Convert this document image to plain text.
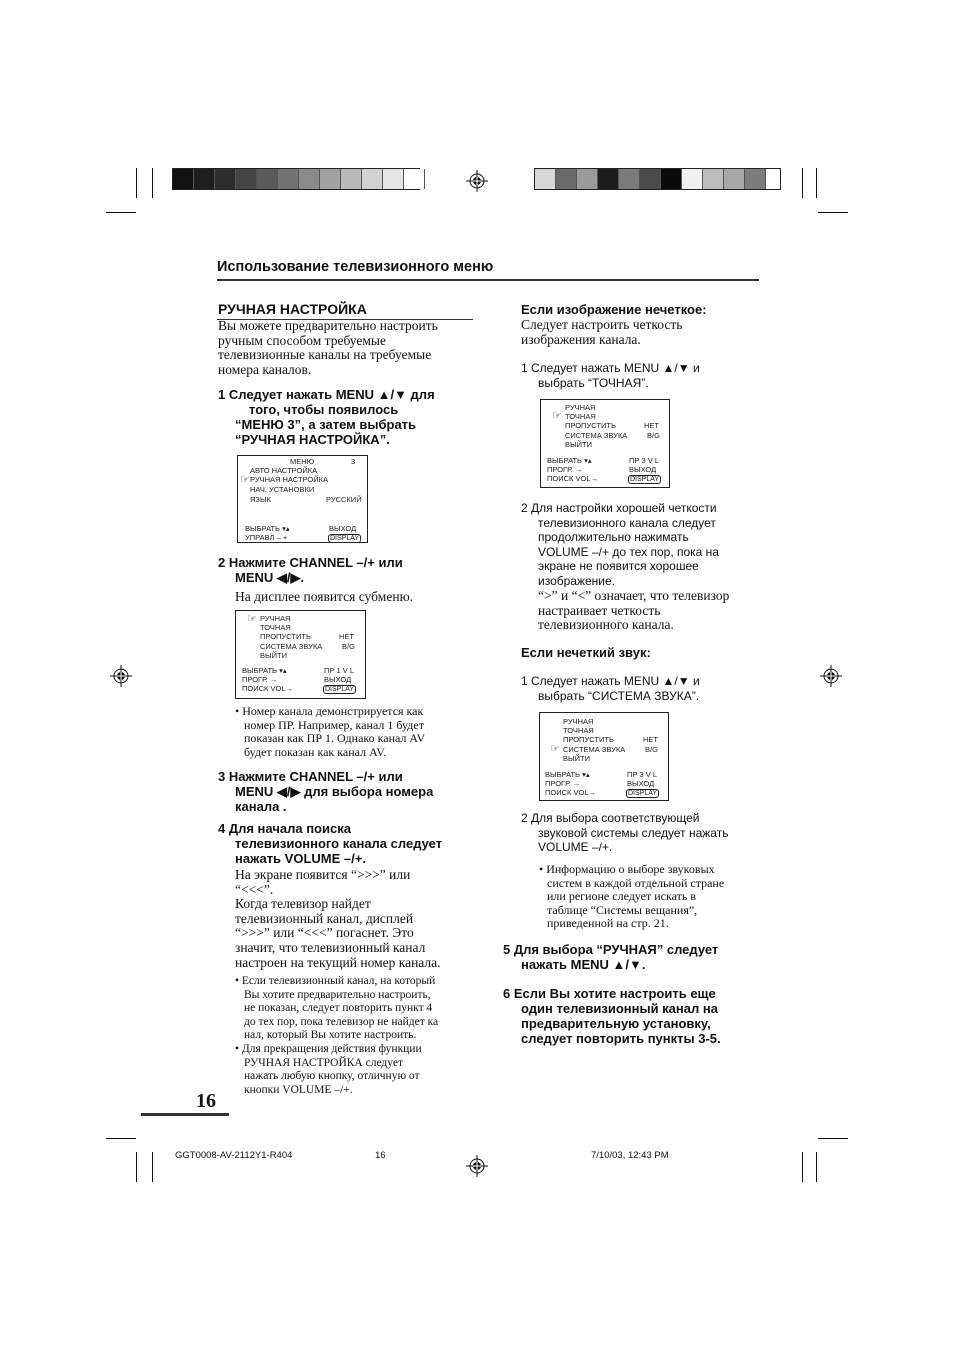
Использование телевизионного меню
РУЧНАЯ НАСТРОЙКА
Вы можете предварительно настроить
ручным способом требуемые
телевизионные каналы на требуемые
номера каналов.
1 Следует нажать MENU ▲/▼ для
того, чтобы появилось
“МЕНЮ 3”, а затем выбрать
“РУЧНАЯ НАСТРОЙКА”.
МЕНЮ	3
АВТО НАСТРОЙКА
☞ РУЧНАЯ НАСТРОЙКА
НАЧ. УСТАНОВКИ
ЯЗЫК	РУССКИЙ
ВЫБРАТЬ ▾▴	ВЫХОД
УПРАВЛ – +	DISPLAY
2 Нажмите CHANNEL –/+ или
MENU ◀/▶.
На дисплее появится субменю.
☞ РУЧНАЯ
ТОЧНАЯ
ПРОПУСТИТЬ	НЕТ
СИСТЕМА ЗВУКА	B/G
ВЫЙТИ
ВЫБРАТЬ ▾▴	ПР 1 V L
ПРОГР. →	ВЫХОД
ПОИСК VOL→	DISPLAY
• Номер канала демонстрируется как
номер ПР. Например, канал 1 будет
показан как ПР 1. Однако канал AV
будет показан как канал AV.
3 Нажмите CHANNEL –/+ или
MENU ◀/▶ для выбора номера
канала .
4 Для начала поиска
телевизионного канала следует
нажать VOLUME –/+.
На экране появится “>>>” или
“<<<”.
Когда телевизор найдет
телевизионный канал, дисплей
“>>>” или “<<<” погаснет. Это
значит, что телевизионный канал
настроен на текущий номер канала.
• Если телевизионный канал, на который
Вы хотите предварительно настроить,
не показан, следует повторить пункт 4
до тех пор, пока телевизор не найдет ка
нал, который Вы хотите настроить.
• Для прекращения действия функции
РУЧНАЯ НАСТРОЙКА следует
нажать любую кнопку, отличную от
кнопки VOLUME –/+.
Если изображение нечеткое:
Следует настроить четкость
изображения канала.
1 Следует нажать MENU ▲/▼ и
выбрать “ТОЧНАЯ”.
РУЧНАЯ
☞ ТОЧНАЯ
ПРОПУСТИТЬ	НЕТ
СИСТЕМА ЗВУКА	B/G
ВЫЙТИ
ВЫБРАТЬ ▾▴	ПР 3 V L
ПРОГР. →	ВЫХОД
ПОИСК VOL→	DISPLAY
2 Для настройки хорошей четкости
телевизионного канала следует
продолжительно нажимать
VOLUME –/+ до тех пор, пока на
экране не появится хорошее
изображение.
“>” и “<” означает, что телевизор
настраивает четкость
телевизионного канала.
Если нечеткий звук:
1 Следует нажать MENU ▲/▼ и
выбрать “СИСТЕМА ЗВУКА”.
РУЧНАЯ
ТОЧНАЯ
ПРОПУСТИТЬ	НЕТ
☞ СИСТЕМА ЗВУКА	B/G
ВЫЙТИ
ВЫБРАТЬ ▾▴	ПР 3 V L
ПРОГР. →	ВЫХОД
ПОИСК VOL→	DISPLAY
2 Для выбора соответствующей
звуковой системы следует нажать
VOLUME –/+.
• Информацию о выборе звуковых
систем в каждой отдельной стране
или регионе следует искать в
таблице “Системы вещания”,
приведенной на стр. 21.
5 Для выбора “РУЧНАЯ” следует
нажать MENU ▲/▼.
6 Если Вы хотите настроить еще
один телевизионный канал на
предварительную установку,
следует повторить пункты 3-5.
16
GGT0008-AV-2112Y1-R404	16	7/10/03, 12:43 PM
